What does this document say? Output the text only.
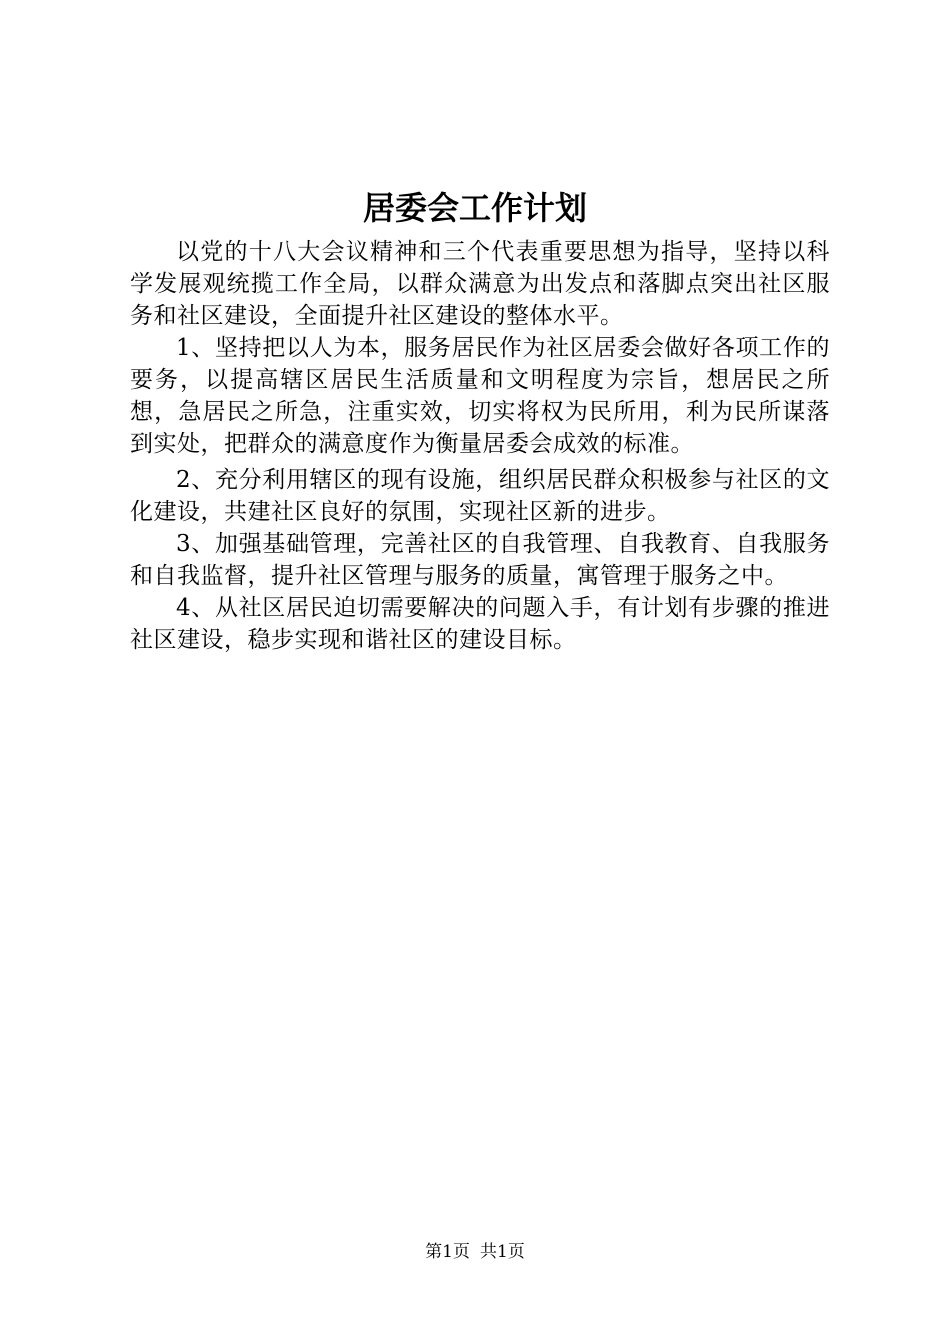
居委会工作计划

以党的十八大会议精神和三个代表重要思想为指导，坚持以科学发展观统揽工作全局，以群众满意为出发点和落脚点突出社区服务和社区建设，全面提升社区建设的整体水平。

1、坚持把以人为本，服务居民作为社区居委会做好各项工作的要务，以提高辖区居民生活质量和文明程度为宗旨，想居民之所想，急居民之所急，注重实效，切实将权为民所用，利为民所谋落到实处，把群众的满意度作为衡量居委会成效的标准。

2、充分利用辖区的现有设施，组织居民群众积极参与社区的文化建设，共建社区良好的氛围，实现社区新的进步。

3、加强基础管理，完善社区的自我管理、自我教育、自我服务和自我监督，提升社区管理与服务的质量，寓管理于服务之中。

4、从社区居民迫切需要解决的问题入手，有计划有步骤的推进社区建设，稳步实现和谐社区的建设目标。

第1页 共1页
